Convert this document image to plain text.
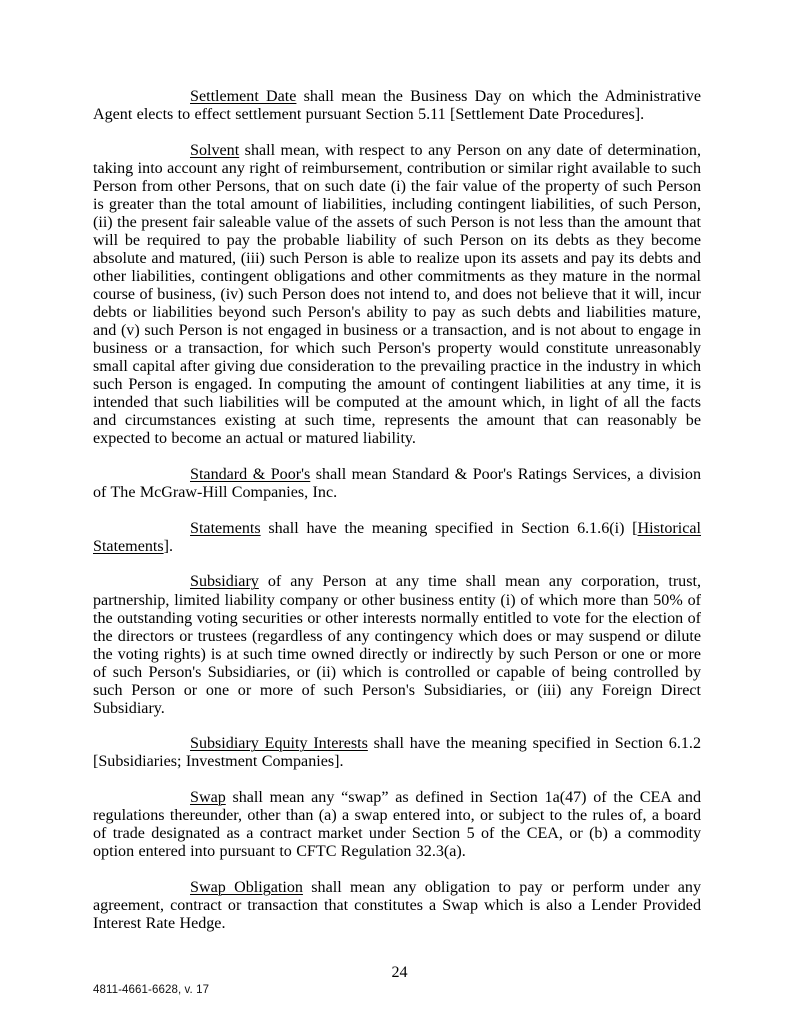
Settlement Date shall mean the Business Day on which the Administrative Agent elects to effect settlement pursuant Section 5.11 [Settlement Date Procedures].

Solvent shall mean, with respect to any Person on any date of determination, taking into account any right of reimbursement, contribution or similar right available to such Person from other Persons, that on such date (i) the fair value of the property of such Person is greater than the total amount of liabilities, including contingent liabilities, of such Person, (ii) the present fair saleable value of the assets of such Person is not less than the amount that will be required to pay the probable liability of such Person on its debts as they become absolute and matured, (iii) such Person is able to realize upon its assets and pay its debts and other liabilities, contingent obligations and other commitments as they mature in the normal course of business, (iv) such Person does not intend to, and does not believe that it will, incur debts or liabilities beyond such Person's ability to pay as such debts and liabilities mature, and (v) such Person is not engaged in business or a transaction, and is not about to engage in business or a transaction, for which such Person's property would constitute unreasonably small capital after giving due consideration to the prevailing practice in the industry in which such Person is engaged. In computing the amount of contingent liabilities at any time, it is intended that such liabilities will be computed at the amount which, in light of all the facts and circumstances existing at such time, represents the amount that can reasonably be expected to become an actual or matured liability.

Standard & Poor's shall mean Standard & Poor's Ratings Services, a division of The McGraw-Hill Companies, Inc.

Statements shall have the meaning specified in Section 6.1.6(i) [Historical Statements].

Subsidiary of any Person at any time shall mean any corporation, trust, partnership, limited liability company or other business entity (i) of which more than 50% of the outstanding voting securities or other interests normally entitled to vote for the election of the directors or trustees (regardless of any contingency which does or may suspend or dilute the voting rights) is at such time owned directly or indirectly by such Person or one or more of such Person's Subsidiaries, or (ii) which is controlled or capable of being controlled by such Person or one or more of such Person's Subsidiaries, or (iii) any Foreign Direct Subsidiary.

Subsidiary Equity Interests shall have the meaning specified in Section 6.1.2 [Subsidiaries; Investment Companies].

Swap shall mean any “swap” as defined in Section 1a(47) of the CEA and regulations thereunder, other than (a) a swap entered into, or subject to the rules of, a board of trade designated as a contract market under Section 5 of the CEA, or (b) a commodity option entered into pursuant to CFTC Regulation 32.3(a).

Swap Obligation shall mean any obligation to pay or perform under any agreement, contract or transaction that constitutes a Swap which is also a Lender Provided Interest Rate Hedge.

24
4811-4661-6628, v. 17
